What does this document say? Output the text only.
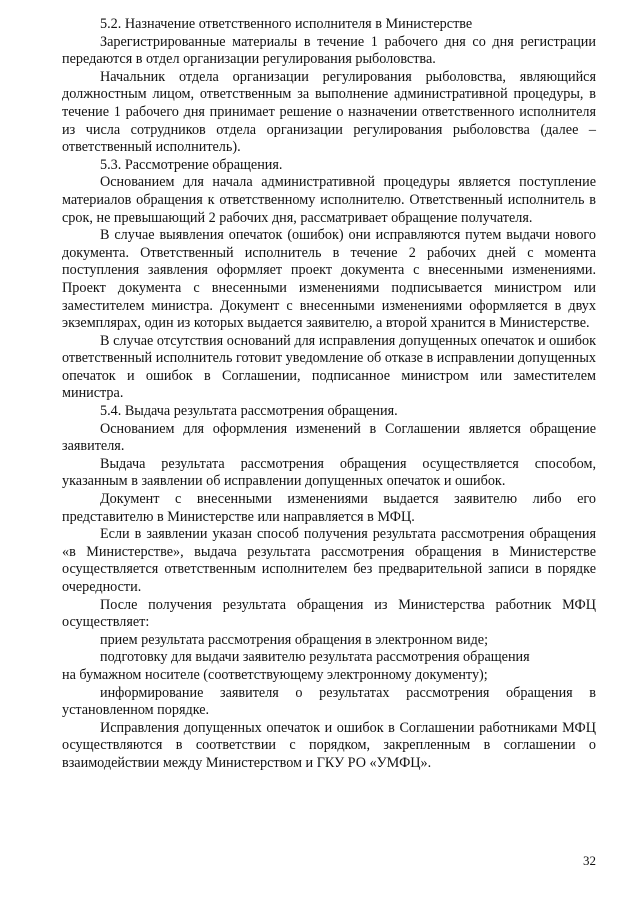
5.2. Назначение ответственного исполнителя в Министерстве

Зарегистрированные материалы в течение 1 рабочего дня со дня регистрации передаются в отдел организации регулирования рыболовства.

Начальник отдела организации регулирования рыболовства, являющийся должностным лицом, ответственным за выполнение административной процедуры, в течение 1 рабочего дня принимает решение о назначении ответственного исполнителя из числа сотрудников отдела организации регулирования рыболовства (далее – ответственный исполнитель).

5.3. Рассмотрение обращения.

Основанием для начала административной процедуры является поступление материалов обращения к ответственному исполнителю. Ответственный исполнитель в срок, не превышающий 2 рабочих дня, рассматривает обращение получателя.

В случае выявления опечаток (ошибок) они исправляются путем выдачи нового документа. Ответственный исполнитель в течение 2 рабочих дней с момента поступления заявления оформляет проект документа с внесенными изменениями. Проект документа с внесенными изменениями подписывается министром или заместителем министра. Документ с внесенными изменениями оформляется в двух экземплярах, один из которых выдается заявителю, а второй хранится в Министерстве.

В случае отсутствия оснований для исправления допущенных опечаток и ошибок ответственный исполнитель готовит уведомление об отказе в исправлении допущенных опечаток и ошибок в Соглашении, подписанное министром или заместителем министра.

5.4. Выдача результата рассмотрения обращения.

Основанием для оформления изменений в Соглашении является обращение заявителя.

Выдача результата рассмотрения обращения осуществляется способом, указанным в заявлении об исправлении допущенных опечаток и ошибок.

Документ с внесенными изменениями выдается заявителю либо его представителю в Министерстве или направляется в МФЦ.

Если в заявлении указан способ получения результата рассмотрения обращения «в Министерстве», выдача результата рассмотрения обращения в Министерстве осуществляется ответственным исполнителем без предварительной записи в порядке очередности.

После получения результата обращения из Министерства работник МФЦ осуществляет:

прием результата рассмотрения обращения в электронном виде;

подготовку для выдачи заявителю результата рассмотрения обращения

на бумажном носителе (соответствующему электронному документу);

информирование заявителя о результатах рассмотрения обращения в установленном порядке.

Исправления допущенных опечаток и ошибок в Соглашении работниками МФЦ осуществляются в соответствии с порядком, закрепленным в соглашении о взаимодействии между Министерством и ГКУ РО «УМФЦ».

32
